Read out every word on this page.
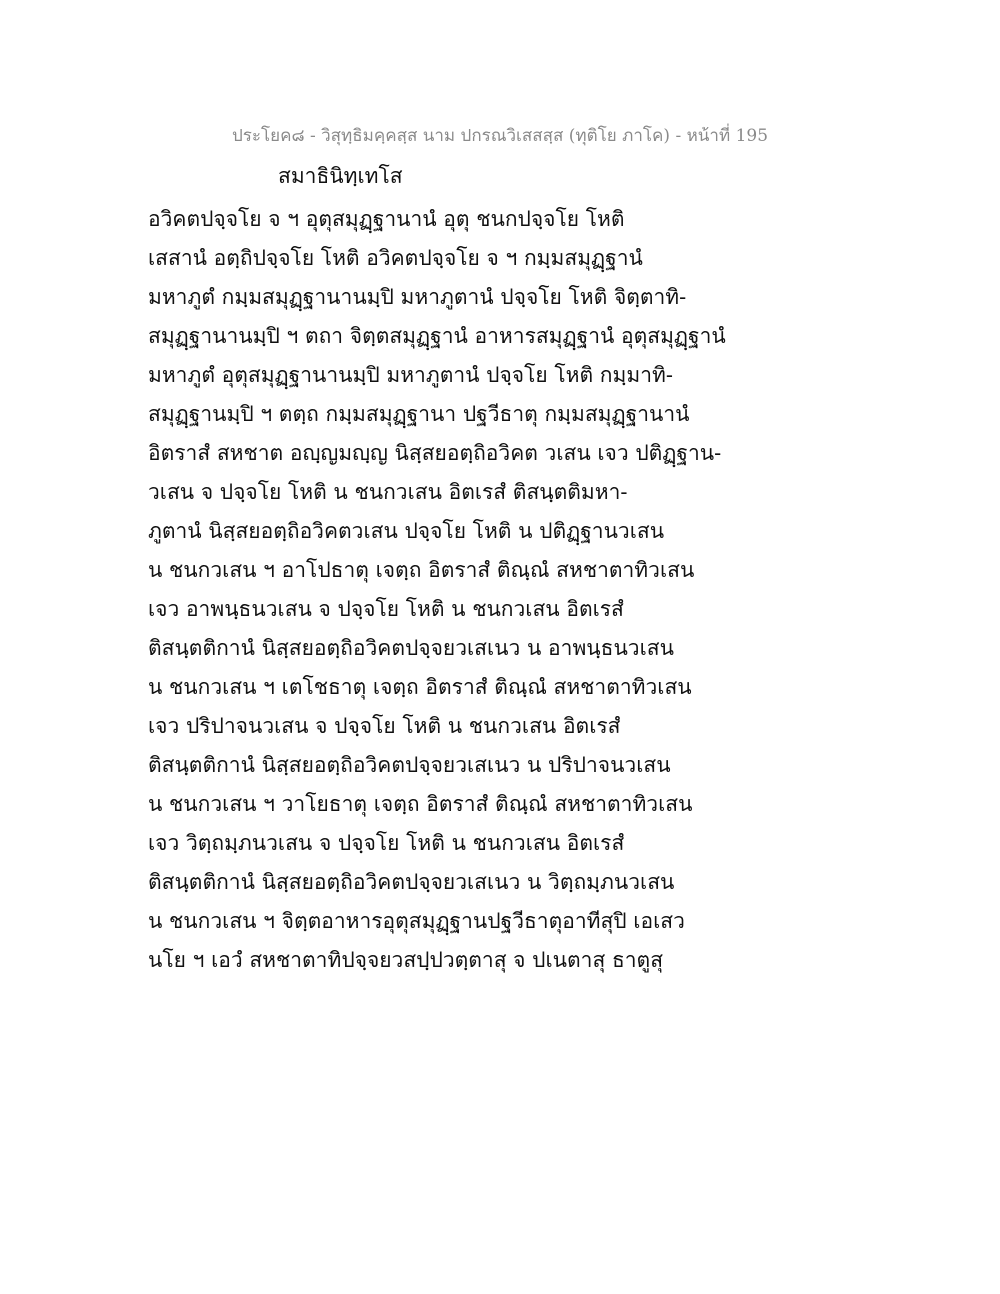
ประโยค๘ - วิสุทฺธิมคฺคสฺส นาม ปกรณวิเสสสฺส (ทุติโย ภาโค) - หน้าที่ 195
สมาธินิทฺเทโส
อวิคตปจฺจโย จ ฯ อุตุสมุฏฺฐานานํ อุตุ ชนกปจฺจโย โหติ
เสสานํ อตฺถิปจฺจโย โหติ อวิคตปจฺจโย จ ฯ กมฺมสมุฏฺฐานํ
มหาภูตํ กมฺมสมุฏฺฐานานมฺปิ มหาภูตานํ ปจฺจโย โหติ จิตฺตาทิ-
สมุฏฺฐานานมฺปิ ฯ ตถา จิตฺตสมุฏฺฐานํ อาหารสมุฏฺฐานํ อุตุสมุฏฺฐานํ
มหาภูตํ อุตุสมุฏฺฐานานมฺปิ มหาภูตานํ ปจฺจโย โหติ กมฺมาทิ-
สมุฏฺฐานมฺปิ ฯ ตตฺถ กมฺมสมุฏฺฐานา ปฐวีธาตุ กมฺมสมุฏฺฐานานํ
อิตราสํ สหชาต อญฺญมญฺญ นิสฺสยอตฺถิอวิคต วเสน เจว ปติฏฺฐาน-
วเสน จ ปจฺจโย โหติ น ชนกวเสน อิตเรสํ ติสนฺตติมหา-
ภูตานํ นิสฺสยอตฺถิอวิคตวเสน ปจฺจโย โหติ น ปติฏฺฐานวเสน
น ชนกวเสน ฯ อาโปธาตุ เจตฺถ อิตราสํ ติณฺณํ สหชาตาทิวเสน
เจว อาพนฺธนวเสน จ ปจฺจโย โหติ น ชนกวเสน อิตเรสํ
ติสนฺตติกานํ นิสฺสยอตฺถิอวิคตปจฺจยวเสเนว น อาพนฺธนวเสน
น ชนกวเสน ฯ เตโชธาตุ เจตฺถ อิตราสํ ติณฺณํ สหชาตาทิวเสน
เจว ปริปาจนวเสน จ ปจฺจโย โหติ น ชนกวเสน อิตเรสํ
ติสนฺตติกานํ นิสฺสยอตฺถิอวิคตปจฺจยวเสเนว น ปริปาจนวเสน
น ชนกวเสน ฯ วาโยธาตุ เจตฺถ อิตราสํ ติณฺณํ สหชาตาทิวเสน
เจว วิตฺถมฺภนวเสน จ ปจฺจโย โหติ น ชนกวเสน อิตเรสํ
ติสนฺตติกานํ นิสฺสยอตฺถิอวิคตปจฺจยวเสเนว น วิตฺถมฺภนวเสน
น ชนกวเสน ฯ จิตฺตอาหารอุตุสมุฏฺฐานปฐวีธาตุอาทีสุปิ เอเสว
นโย ฯ เอวํ สหชาตาทิปจฺจยวสปฺปวตฺตาสุ จ ปเนตาสุ ธาตูสุ
